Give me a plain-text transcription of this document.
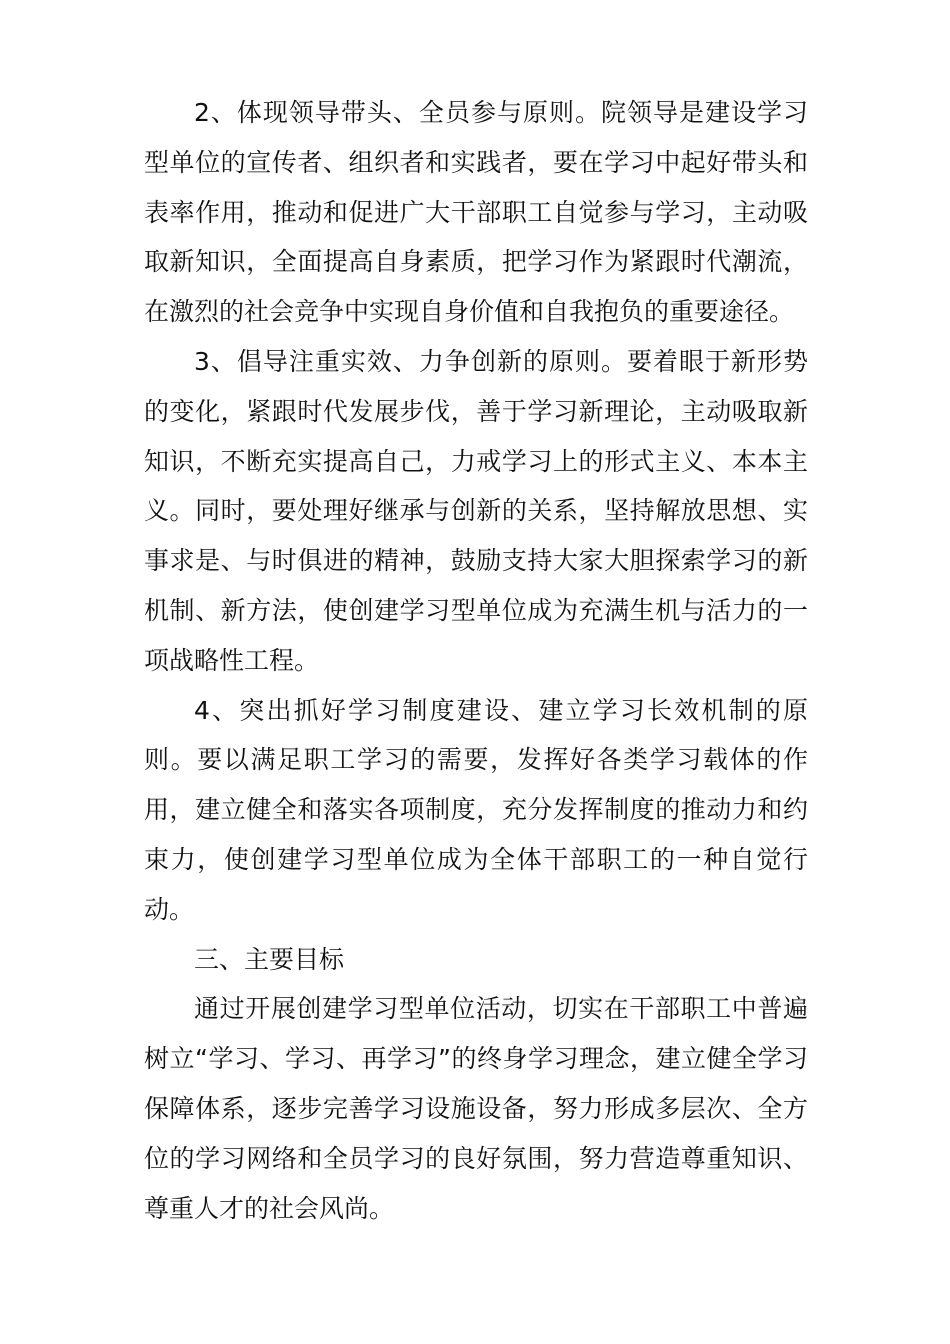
2、体现领导带头、全员参与原则。院领导是建设学习型单位的宣传者、组织者和实践者，要在学习中起好带头和表率作用，推动和促进广大干部职工自觉参与学习，主动吸取新知识，全面提高自身素质，把学习作为紧跟时代潮流，在激烈的社会竞争中实现自身价值和自我抱负的重要途径。

3、倡导注重实效、力争创新的原则。要着眼于新形势的变化，紧跟时代发展步伐，善于学习新理论，主动吸取新知识，不断充实提高自己，力戒学习上的形式主义、本本主义。同时，要处理好继承与创新的关系，坚持解放思想、实事求是、与时俱进的精神，鼓励支持大家大胆探索学习的新机制、新方法，使创建学习型单位成为充满生机与活力的一项战略性工程。

4、突出抓好学习制度建设、建立学习长效机制的原则。要以满足职工学习的需要，发挥好各类学习载体的作用，建立健全和落实各项制度，充分发挥制度的推动力和约束力，使创建学习型单位成为全体干部职工的一种自觉行动。

三、主要目标

通过开展创建学习型单位活动，切实在干部职工中普遍树立“学习、学习、再学习”的终身学习理念，建立健全学习保障体系，逐步完善学习设施设备，努力形成多层次、全方位的学习网络和全员学习的良好氛围，努力营造尊重知识、尊重人才的社会风尚。
